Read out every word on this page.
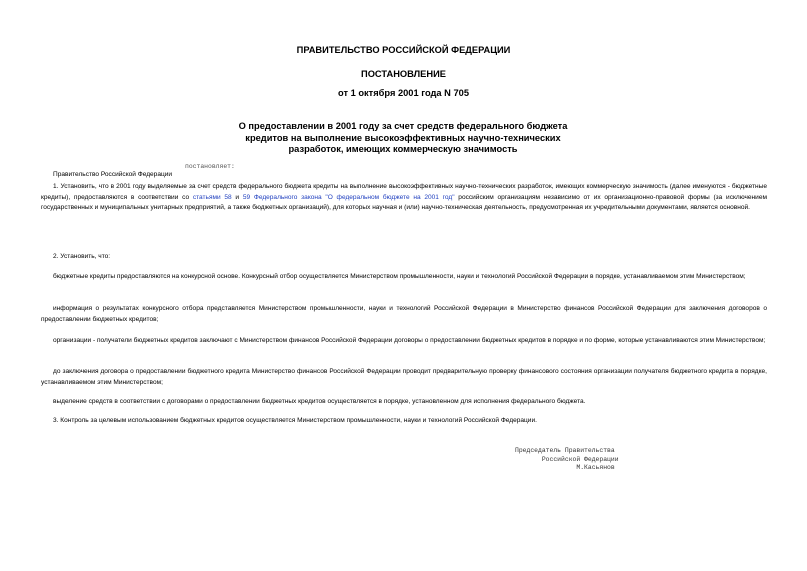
ПРАВИТЕЛЬСТВО РОССИЙСКОЙ ФЕДЕРАЦИИ
ПОСТАНОВЛЕНИЕ
от 1 октября 2001 года N 705
О предоставлении в 2001 году за счет средств федерального бюджета кредитов на выполнение высокоэффективных научно-технических разработок, имеющих коммерческую значимость
Правительство Российской Федерации
постановляет:
1. Установить, что в 2001 году выделяемые за счет средств федерального бюджета кредиты на выполнение высокоэффективных научно-технических разработок, имеющих коммерческую значимость (далее именуются - бюджетные кредиты), предоставляются в соответствии со статьями 58 и 59 Федерального закона "О федеральном бюджете на 2001 год" российским организациям независимо от их организационно-правовой формы (за исключением государственных и муниципальных унитарных предприятий, а также бюджетных организаций), для которых научная и (или) научно-техническая деятельность, предусмотренная их учредительными документами, является основной.
2. Установить, что:
бюджетные кредиты предоставляются на конкурсной основе. Конкурсный отбор осуществляется Министерством промышленности, науки и технологий Российской Федерации в порядке, устанавливаемом этим Министерством;
информация о результатах конкурсного отбора представляется Министерством промышленности, науки и технологий Российской Федерации в Министерство финансов Российской Федерации для заключения договоров о предоставлении бюджетных кредитов;
организации - получатели бюджетных кредитов заключают с Министерством финансов Российской Федерации договоры о предоставлении бюджетных кредитов в порядке и по форме, которые устанавливаются этим Министерством;
до заключения договора о предоставлении бюджетного кредита Министерство финансов Российской Федерации проводит предварительную проверку финансового состояния организации получателя бюджетного кредита в порядке, устанавливаемом этим Министерством;
выделение средств в соответствии с договорами о предоставлении бюджетных кредитов осуществляется в порядке, установленном для исполнения федерального бюджета.
3. Контроль за целевым использованием бюджетных кредитов осуществляется Министерством промышленности, науки и технологий Российской Федерации.
Председатель Правительства
Российской Федерации
М.Касьянов
